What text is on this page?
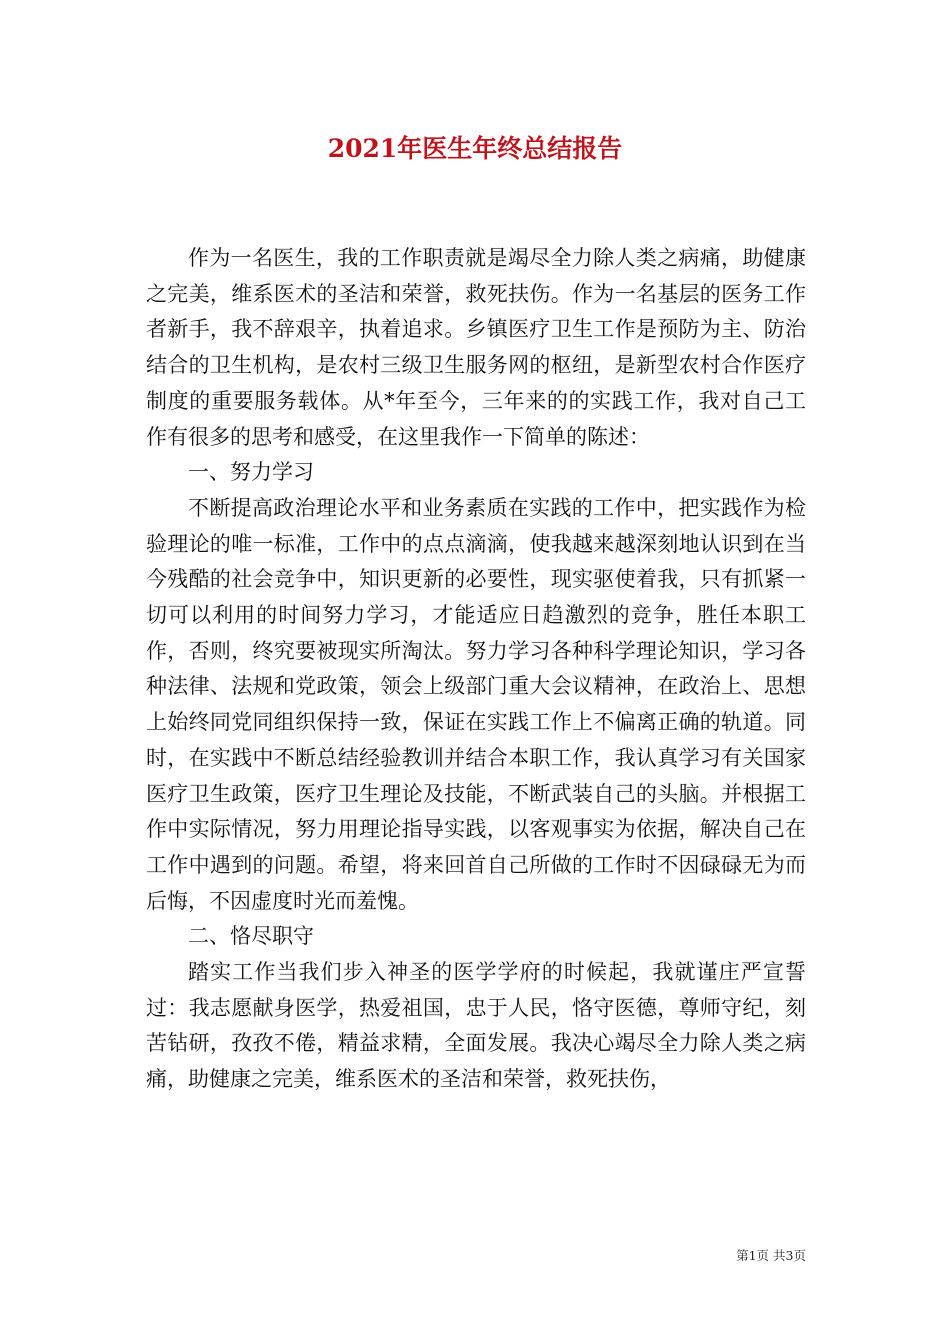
2021年医生年终总结报告

作为一名医生，我的工作职责就是竭尽全力除人类之病痛，助健康之完美，维系医术的圣洁和荣誉，救死扶伤。作为一名基层的医务工作者新手，我不辞艰辛，执着追求。乡镇医疗卫生工作是预防为主、防治结合的卫生机构，是农村三级卫生服务网的枢纽，是新型农村合作医疗制度的重要服务载体。从*年至今，三年来的的实践工作，我对自己工作有很多的思考和感受，在这里我作一下简单的陈述：

一、努力学习

不断提高政治理论水平和业务素质在实践的工作中，把实践作为检验理论的唯一标准，工作中的点点滴滴，使我越来越深刻地认识到在当今残酷的社会竞争中，知识更新的必要性，现实驱使着我，只有抓紧一切可以利用的时间努力学习，才能适应日趋激烈的竞争，胜任本职工作，否则，终究要被现实所淘汰。努力学习各种科学理论知识，学习各种法律、法规和党政策，领会上级部门重大会议精神，在政治上、思想上始终同党同组织保持一致，保证在实践工作上不偏离正确的轨道。同时，在实践中不断总结经验教训并结合本职工作，我认真学习有关国家医疗卫生政策，医疗卫生理论及技能，不断武装自己的头脑。并根据工作中实际情况，努力用理论指导实践，以客观事实为依据，解决自己在工作中遇到的问题。希望，将来回首自己所做的工作时不因碌碌无为而后悔，不因虚度时光而羞愧。

二、恪尽职守

踏实工作当我们步入神圣的医学学府的时候起，我就谨庄严宣誓过：我志愿献身医学，热爱祖国，忠于人民，恪守医德，尊师守纪，刻苦钻研，孜孜不倦，精益求精，全面发展。我决心竭尽全力除人类之病痛，助健康之完美，维系医术的圣洁和荣誉，救死扶伤，

第1页 共3页
